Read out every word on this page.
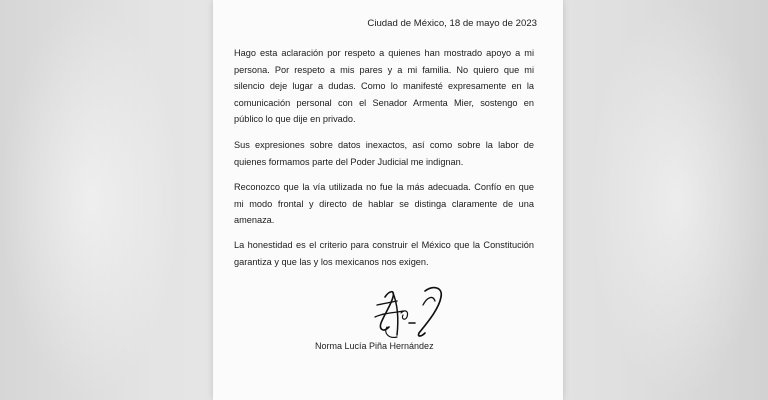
Ciudad de México, 18 de mayo de 2023

Hago esta aclaración por respeto a quienes han mostrado apoyo a mi persona. Por respeto a mis pares y a mi familia. No quiero que mi silencio deje lugar a dudas. Como lo manifesté expresamente en la comunicación personal con el Senador Armenta Mier, sostengo en público lo que dije en privado.

Sus expresiones sobre datos inexactos, así como sobre la labor de quienes formamos parte del Poder Judicial me indignan.

Reconozco que la vía utilizada no fue la más adecuada. Confío en que mi modo frontal y directo de hablar se distinga claramente de una amenaza.

La honestidad es el criterio para construir el México que la Constitución garantiza y que las y los mexicanos nos exigen.

Norma Lucía Piña Hernández
